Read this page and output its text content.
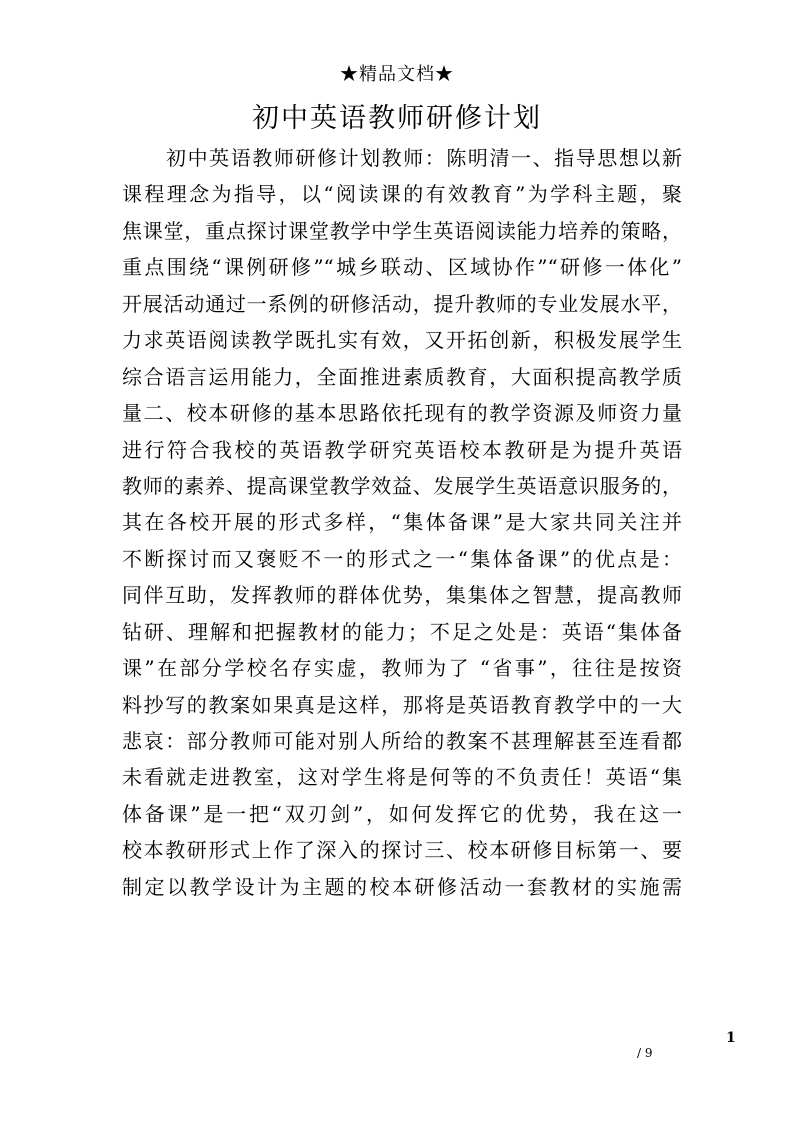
★精品文档★
初中英语教师研修计划
初中英语教师研修计划教师：陈明清一、指导思想以新
课程理念为指导，以“阅读课的有效教育”为学科主题，聚
焦课堂，重点探讨课堂教学中学生英语阅读能力培养的策略，
重点围绕“课例研修”“城乡联动、区域协作”“研修一体化”
开展活动通过一系例的研修活动，提升教师的专业发展水平，
力求英语阅读教学既扎实有效，又开拓创新，积极发展学生
综合语言运用能力，全面推进素质教育，大面积提高教学质
量二、校本研修的基本思路依托现有的教学资源及师资力量
进行符合我校的英语教学研究英语校本教研是为提升英语
教师的素养、提高课堂教学效益、发展学生英语意识服务的，
其在各校开展的形式多样，“集体备课”是大家共同关注并
不断探讨而又褒贬不一的形式之一“集体备课”的优点是：
同伴互助，发挥教师的群体优势，集集体之智慧，提高教师
钻研、理解和把握教材的能力；不足之处是：英语“集体备
课”在部分学校名存实虚，教师为了 “省事”，往往是按资
料抄写的教案如果真是这样，那将是英语教育教学中的一大
悲哀：部分教师可能对别人所给的教案不甚理解甚至连看都
未看就走进教室，这对学生将是何等的不负责任！英语“集
体备课”是一把“双刃剑”，如何发挥它的优势，我在这一
校本教研形式上作了深入的探讨三、校本研修目标第一、要
制定以教学设计为主题的校本研修活动一套教材的实施需
1
/ 9
